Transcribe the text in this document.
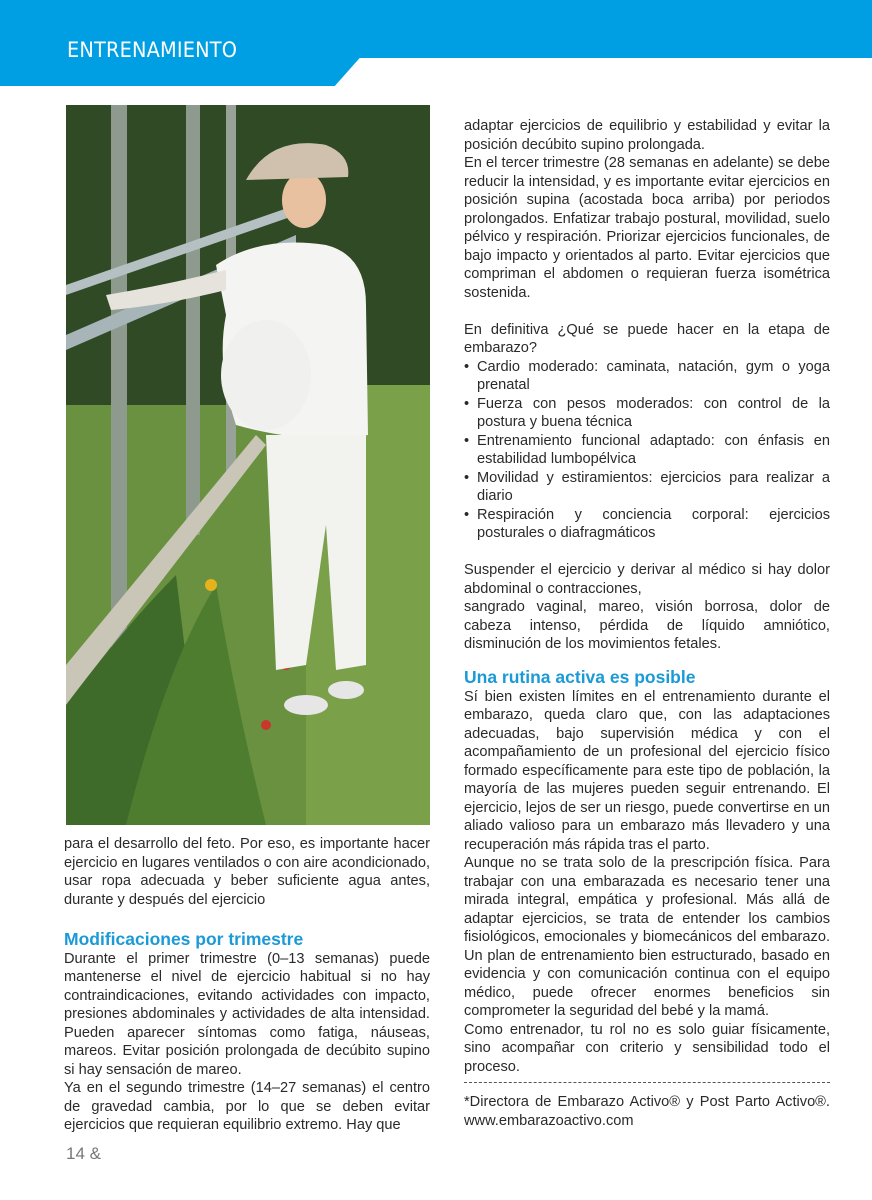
ENTRENAMIENTO

para el desarrollo del feto. Por eso, es importante hacer ejercicio en lugares ventilados o con aire acondicionado, usar ropa adecuada y beber suficiente agua antes, durante y después del ejercicio

Modificaciones por trimestre

Durante el primer trimestre (0–13 semanas) puede mantenerse el nivel de ejercicio habitual si no hay contraindicaciones, evitando actividades con impacto, presiones abdominales y actividades de alta intensidad. Pueden aparecer síntomas como fatiga, náuseas, mareos. Evitar posición prolongada de decúbito supino si hay sensación de mareo.

Ya en el segundo trimestre (14–27 semanas) el centro de gravedad cambia, por lo que se deben evitar ejercicios que requieran equilibrio extremo. Hay que

adaptar ejercicios de equilibrio y estabilidad y evitar la posición decúbito supino prolongada.

En el tercer trimestre (28 semanas en adelante) se debe reducir la intensidad, y es importante evitar ejercicios en posición supina (acostada boca arriba) por periodos prolongados. Enfatizar trabajo postural, movilidad, suelo pélvico y respiración. Priorizar ejercicios funcionales, de bajo impacto y orientados al parto. Evitar ejercicios que compriman el abdomen o requieran fuerza isométrica sostenida.

En definitiva ¿Qué se puede hacer en la etapa de embarazo?

• Cardio moderado: caminata, natación, gym o yoga prenatal
• Fuerza con pesos moderados: con control de la postura y buena técnica
• Entrenamiento funcional adaptado: con énfasis en estabilidad lumbopélvica
• Movilidad y estiramientos: ejercicios para realizar a diario
• Respiración y conciencia corporal: ejercicios posturales o diafragmáticos

Suspender el ejercicio y derivar al médico si hay dolor abdominal o contracciones,

sangrado vaginal, mareo, visión borrosa, dolor de cabeza intenso, pérdida de líquido amniótico, disminución de los movimientos fetales.

Una rutina activa es posible

Sí bien existen límites en el entrenamiento durante el embarazo, queda claro que, con las adaptaciones adecuadas, bajo supervisión médica y con el acompañamiento de un profesional del ejercicio físico formado específicamente para este tipo de población, la mayoría de las mujeres pueden seguir entrenando. El ejercicio, lejos de ser un riesgo, puede convertirse en un aliado valioso para un embarazo más llevadero y una recuperación más rápida tras el parto.

Aunque no se trata solo de la prescripción física. Para trabajar con una embarazada es necesario tener una mirada integral, empática y profesional. Más allá de adaptar ejercicios, se trata de entender los cambios fisiológicos, emocionales y biomecánicos del embarazo. Un plan de entrenamiento bien estructurado, basado en evidencia y con comunicación continua con el equipo médico, puede ofrecer enormes beneficios sin comprometer la seguridad del bebé y la mamá.

Como entrenador, tu rol no es solo guiar físicamente, sino acompañar con criterio y sensibilidad todo el proceso.

*Directora de Embarazo Activo® y Post Parto Activo®. www.embarazoactivo.com

14 &
